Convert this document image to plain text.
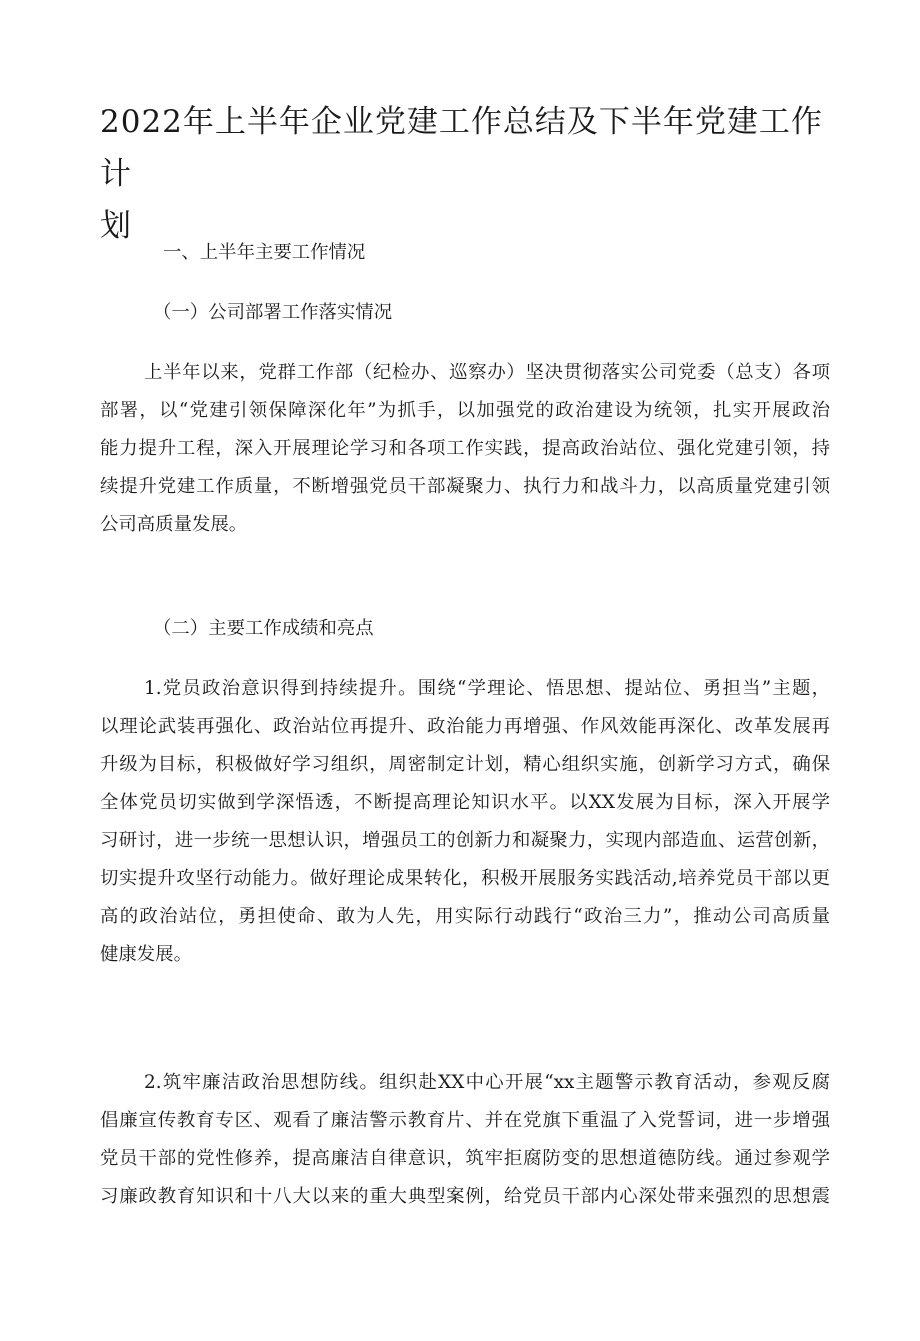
2022年上半年企业党建工作总结及下半年党建工作计
划

一、上半年主要工作情况

（一）公司部署工作落实情况

上半年以来，党群工作部（纪检办、巡察办）坚决贯彻落实公司党委（总支）各项
部署，以“党建引领保障深化年”为抓手，以加强党的政治建设为统领，扎实开展政治
能力提升工程，深入开展理论学习和各项工作实践，提高政治站位、强化党建引领，持
续提升党建工作质量，不断增强党员干部凝聚力、执行力和战斗力，以高质量党建引领
公司高质量发展。

（二）主要工作成绩和亮点

1.党员政治意识得到持续提升。围绕“学理论、悟思想、提站位、勇担当”主题，
以理论武装再强化、政治站位再提升、政治能力再增强、作风效能再深化、改革发展再
升级为目标，积极做好学习组织，周密制定计划，精心组织实施，创新学习方式，确保
全体党员切实做到学深悟透，不断提高理论知识水平。以XX发展为目标，深入开展学
习研讨，进一步统一思想认识，增强员工的创新力和凝聚力，实现内部造血、运营创新，
切实提升攻坚行动能力。做好理论成果转化，积极开展服务实践活动,培养党员干部以更
高的政治站位，勇担使命、敢为人先，用实际行动践行“政治三力”，推动公司高质量
健康发展。
2.筑牢廉洁政治思想防线。组织赴XX中心开展“xx主题警示教育活动，参观反腐
倡廉宣传教育专区、观看了廉洁警示教育片、并在党旗下重温了入党誓词，进一步增强
党员干部的党性修养，提高廉洁自律意识，筑牢拒腐防变的思想道德防线。通过参观学
习廉政教育知识和十八大以来的重大典型案例，给党员干部内心深处带来强烈的思想震
